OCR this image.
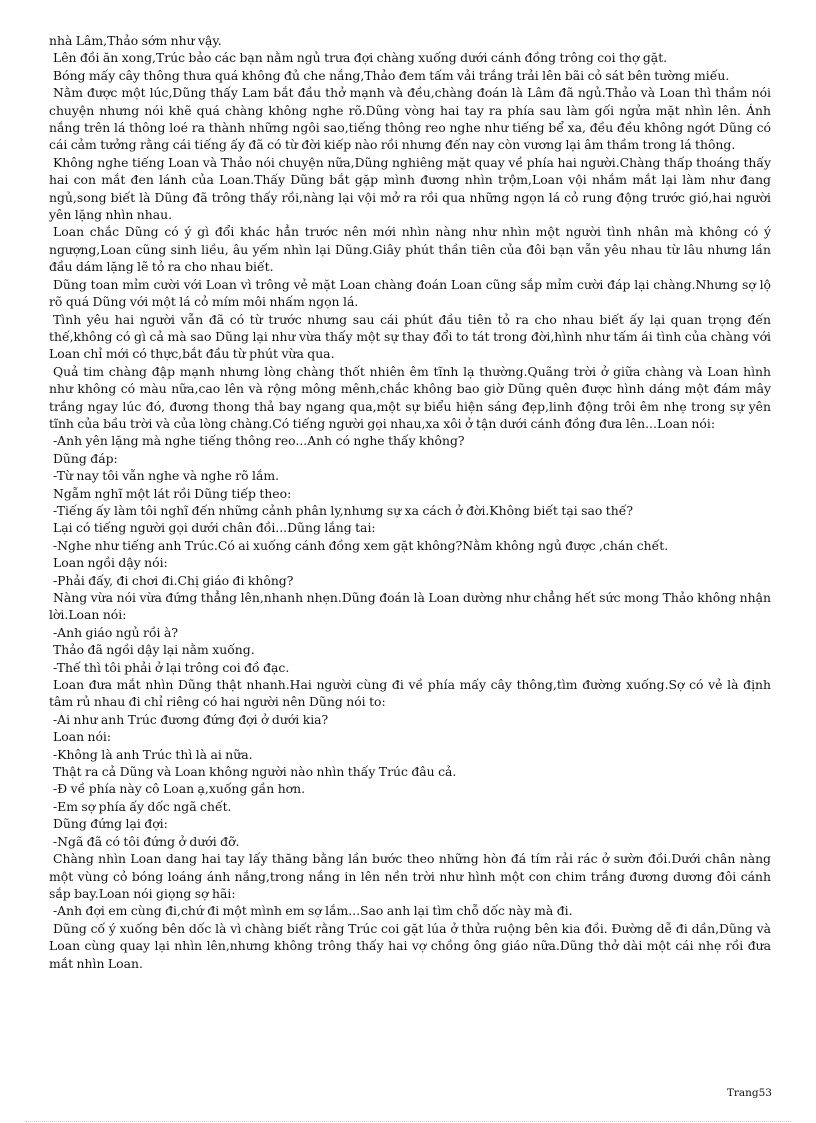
nhà Lâm,Thảo sớm như vậy.

Lên đồi ăn xong,Trúc bảo các bạn nằm ngủ trưa đợi chàng xuống dưới cánh đồng trông coi thợ gặt.

Bóng mấy cây thông thưa quá không đủ che nắng,Thảo đem tấm vải trắng trải lên bãi cỏ sát bên tường miếu.

Nằm được một lúc,Dũng thấy Lam bắt đầu thở mạnh và đều,chàng đoán là Lâm đã ngủ.Thảo và Loan thì thầm nói chuyện nhưng nói khẽ quá chàng không nghe rõ.Dũng vòng hai tay ra phía sau làm gối ngửa mặt nhìn lên. Ánh nắng trên lá thông loé ra thành những ngôi sao,tiếng thông reo nghe như tiếng bể xa, đều đều không ngớt Dũng có cái cảm tưởng rằng cái tiếng ấy đã có từ đời kiếp nào rồi nhưng đến nay còn vương lại âm thầm trong lá thông.

Không nghe tiếng Loan và Thảo nói chuyện nữa,Dũng nghiêng mặt quay về phía hai người.Chàng thấp thoáng thấy hai con mắt đen lánh của Loan.Thấy Dũng bắt gặp mình đương nhìn trộm,Loan vội nhắm mắt lại làm như đang ngủ,song biết là Dũng đã trông thấy rồi,nàng lại vội mở ra rồi qua những ngọn lá cỏ rung động trước gió,hai người yên lặng nhìn nhau.

Loan chắc Dũng có ý gì đổi khác hẳn trước nên mới nhìn nàng như nhìn một người tình nhân mà không có ý ngượng,Loan cũng sinh liều, âu yếm nhìn lại Dũng.Giây phút thần tiên của đôi bạn vẫn yêu nhau từ lâu nhưng lần đầu dám lặng lẽ tỏ ra cho nhau biết.

Dũng toan mỉm cười với Loan vì trông vẻ mặt Loan chàng đoán Loan cũng sắp mỉm cười đáp lại chàng.Nhưng sợ lộ rõ quá Dũng với một lá cỏ mím môi nhấm ngọn lá.

Tình yêu hai người vẫn đã có từ trước nhưng sau cái phút đầu tiên tỏ ra cho nhau biết ấy lại quan trọng đến thế,không có gì cả mà sao Dũng lại như vừa thấy một sự thay đổi to tát trong đời,hình như tấm ái tình của chàng với Loan chỉ mới có thực,bắt đầu từ phút vừa qua.

Quả tim chàng đập mạnh nhưng lòng chàng thốt nhiên êm tĩnh lạ thường.Quãng trời ở giữa chàng và Loan hình như không có màu nữa,cao lên và rộng mông mênh,chắc không bao giờ Dũng quên được hình dáng một đám mây trắng ngay lúc đó, đương thong thả bay ngang qua,một sự biểu hiện sáng đẹp,linh động trôi êm nhẹ trong sự yên tĩnh của bầu trời và của lòng chàng.Có tiếng người gọi nhau,xa xôi ở tận dưới cánh đồng đưa lên...Loan nói:

-Anh yên lặng mà nghe tiếng thông reo...Anh có nghe thấy không?

Dũng đáp:

-Từ nay tôi vẫn nghe và nghe rõ lắm.

Ngẫm nghĩ một lát rồi Dũng tiếp theo:

-Tiếng ấy làm tôi nghĩ đến những cảnh phân ly,nhưng sự xa cách ở đời.Không biết tại sao thế?

Lại có tiếng người gọi dưới chân đồi...Dũng lắng tai:

-Nghe như tiếng anh Trúc.Có ai xuống cánh đồng xem gặt không?Nằm không ngủ được ,chán chết.

Loan ngồi dậy nói:

-Phải đấy, đi chơi đi.Chị giáo đi không?

Nàng vừa nói vừa đứng thẳng lên,nhanh nhẹn.Dũng đoán là Loan dường như chẳng hết sức mong Thảo không nhận lời.Loan nói:

-Anh giáo ngủ rồi à?

Thảo đã ngồi dậy lại nằm xuống.

-Thế thì tôi phải ở lại trông coi đồ đạc.

Loan đưa mắt nhìn Dũng thật nhanh.Hai người cùng đi về phía mấy cây thông,tìm đường xuống.Sợ có vẻ là định tâm rủ nhau đi chỉ riêng có hai người nên Dũng nói to:

-Ai như anh Trúc đương đứng đợi ở dưới kia?

Loan nói:

-Không là anh Trúc thì là ai nữa.

Thật ra cả Dũng và Loan không người nào nhìn thấy Trúc đâu cả.

-Đ về phía này cô Loan ạ,xuống gần hơn.

-Em sợ phía ấy dốc ngã chết.

Dũng đứng lại đợi:

-Ngã đã có tôi đứng ở dưới đỡ.

Chàng nhìn Loan dang hai tay lấy thăng bằng lần bước theo những hòn đá tím rải rác ở sườn đồi.Dưới chân nàng một vùng cỏ bóng loáng ánh nắng,trong nắng in lên nền trời như hình một con chim trắng đương dương đôi cánh sắp bay.Loan nói giọng sợ hãi:

-Anh đợi em cùng đi,chứ đi một mình em sợ lắm...Sao anh lại tìm chỗ dốc này mà đi.

Dũng cố ý xuống bên dốc là vì chàng biết rằng Trúc coi gặt lúa ở thửa ruộng bên kia đồi. Đường dễ đi dần,Dũng và Loan cùng quay lại nhìn lên,nhưng không trông thấy hai vợ chồng ông giáo nữa.Dũng thở dài một cái nhẹ rồi đưa mắt nhìn Loan.

Trang53
